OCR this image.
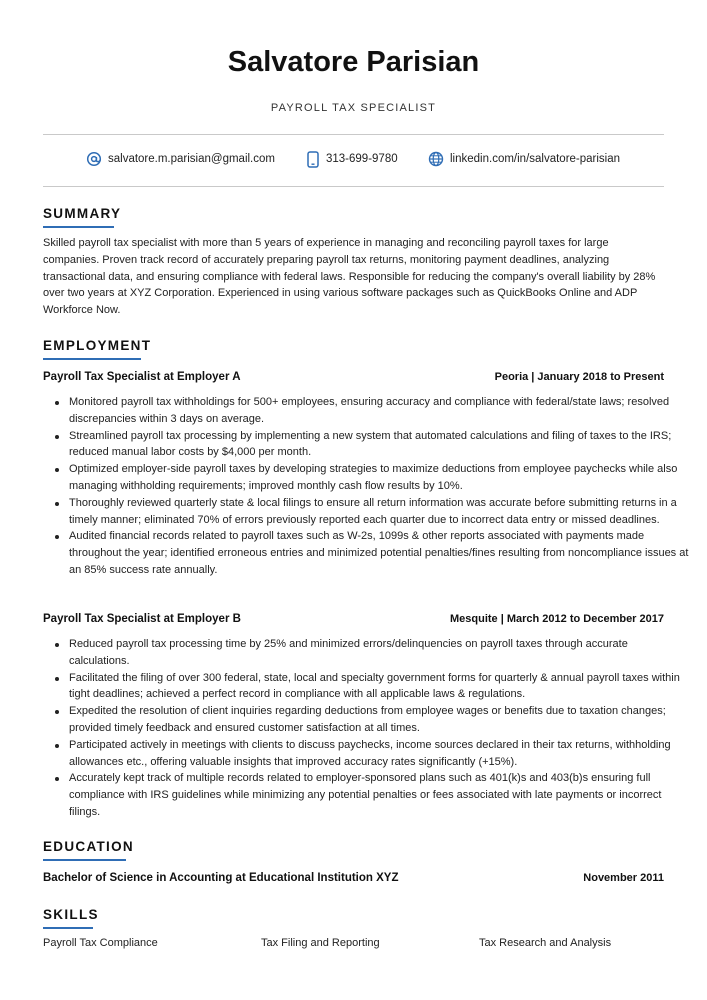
Salvatore Parisian
PAYROLL TAX SPECIALIST
salvatore.m.parisian@gmail.com	313-699-9780	linkedin.com/in/salvatore-parisian
SUMMARY

Skilled payroll tax specialist with more than 5 years of experience in managing and reconciling payroll taxes for large companies. Proven track record of accurately preparing payroll tax returns, monitoring payment deadlines, analyzing transactional data, and ensuring compliance with federal laws. Responsible for reducing the company's overall liability by 28% over two years at XYZ Corporation. Experienced in using various software packages such as QuickBooks Online and ADP Workforce Now.

EMPLOYMENT
Payroll Tax Specialist at Employer A	Peoria | January 2018 to Present
Monitored payroll tax withholdings for 500+ employees, ensuring accuracy and compliance with federal/state laws; resolved discrepancies within 3 days on average.
Streamlined payroll tax processing by implementing a new system that automated calculations and filing of taxes to the IRS; reduced manual labor costs by $4,000 per month.
Optimized employer-side payroll taxes by developing strategies to maximize deductions from employee paychecks while also managing withholding requirements; improved monthly cash flow results by 10%.
Thoroughly reviewed quarterly state & local filings to ensure all return information was accurate before submitting returns in a timely manner; eliminated 70% of errors previously reported each quarter due to incorrect data entry or missed deadlines.
Audited financial records related to payroll taxes such as W-2s, 1099s & other reports associated with payments made throughout the year; identified erroneous entries and minimized potential penalties/fines resulting from noncompliance issues at an 85% success rate annually.
Payroll Tax Specialist at Employer B	Mesquite | March 2012 to December 2017
Reduced payroll tax processing time by 25% and minimized errors/delinquencies on payroll taxes through accurate calculations.
Facilitated the filing of over 300 federal, state, local and specialty government forms for quarterly & annual payroll taxes within tight deadlines; achieved a perfect record in compliance with all applicable laws & regulations.
Expedited the resolution of client inquiries regarding deductions from employee wages or benefits due to taxation changes; provided timely feedback and ensured customer satisfaction at all times.
Participated actively in meetings with clients to discuss paychecks, income sources declared in their tax returns, withholding allowances etc., offering valuable insights that improved accuracy rates significantly (+15%).
Accurately kept track of multiple records related to employer-sponsored plans such as 401(k)s and 403(b)s ensuring full compliance with IRS guidelines while minimizing any potential penalties or fees associated with late payments or incorrect filings.
EDUCATION
Bachelor of Science in Accounting at Educational Institution XYZ	November 2011
SKILLS
Payroll Tax Compliance	Tax Filing and Reporting	Tax Research and Analysis
